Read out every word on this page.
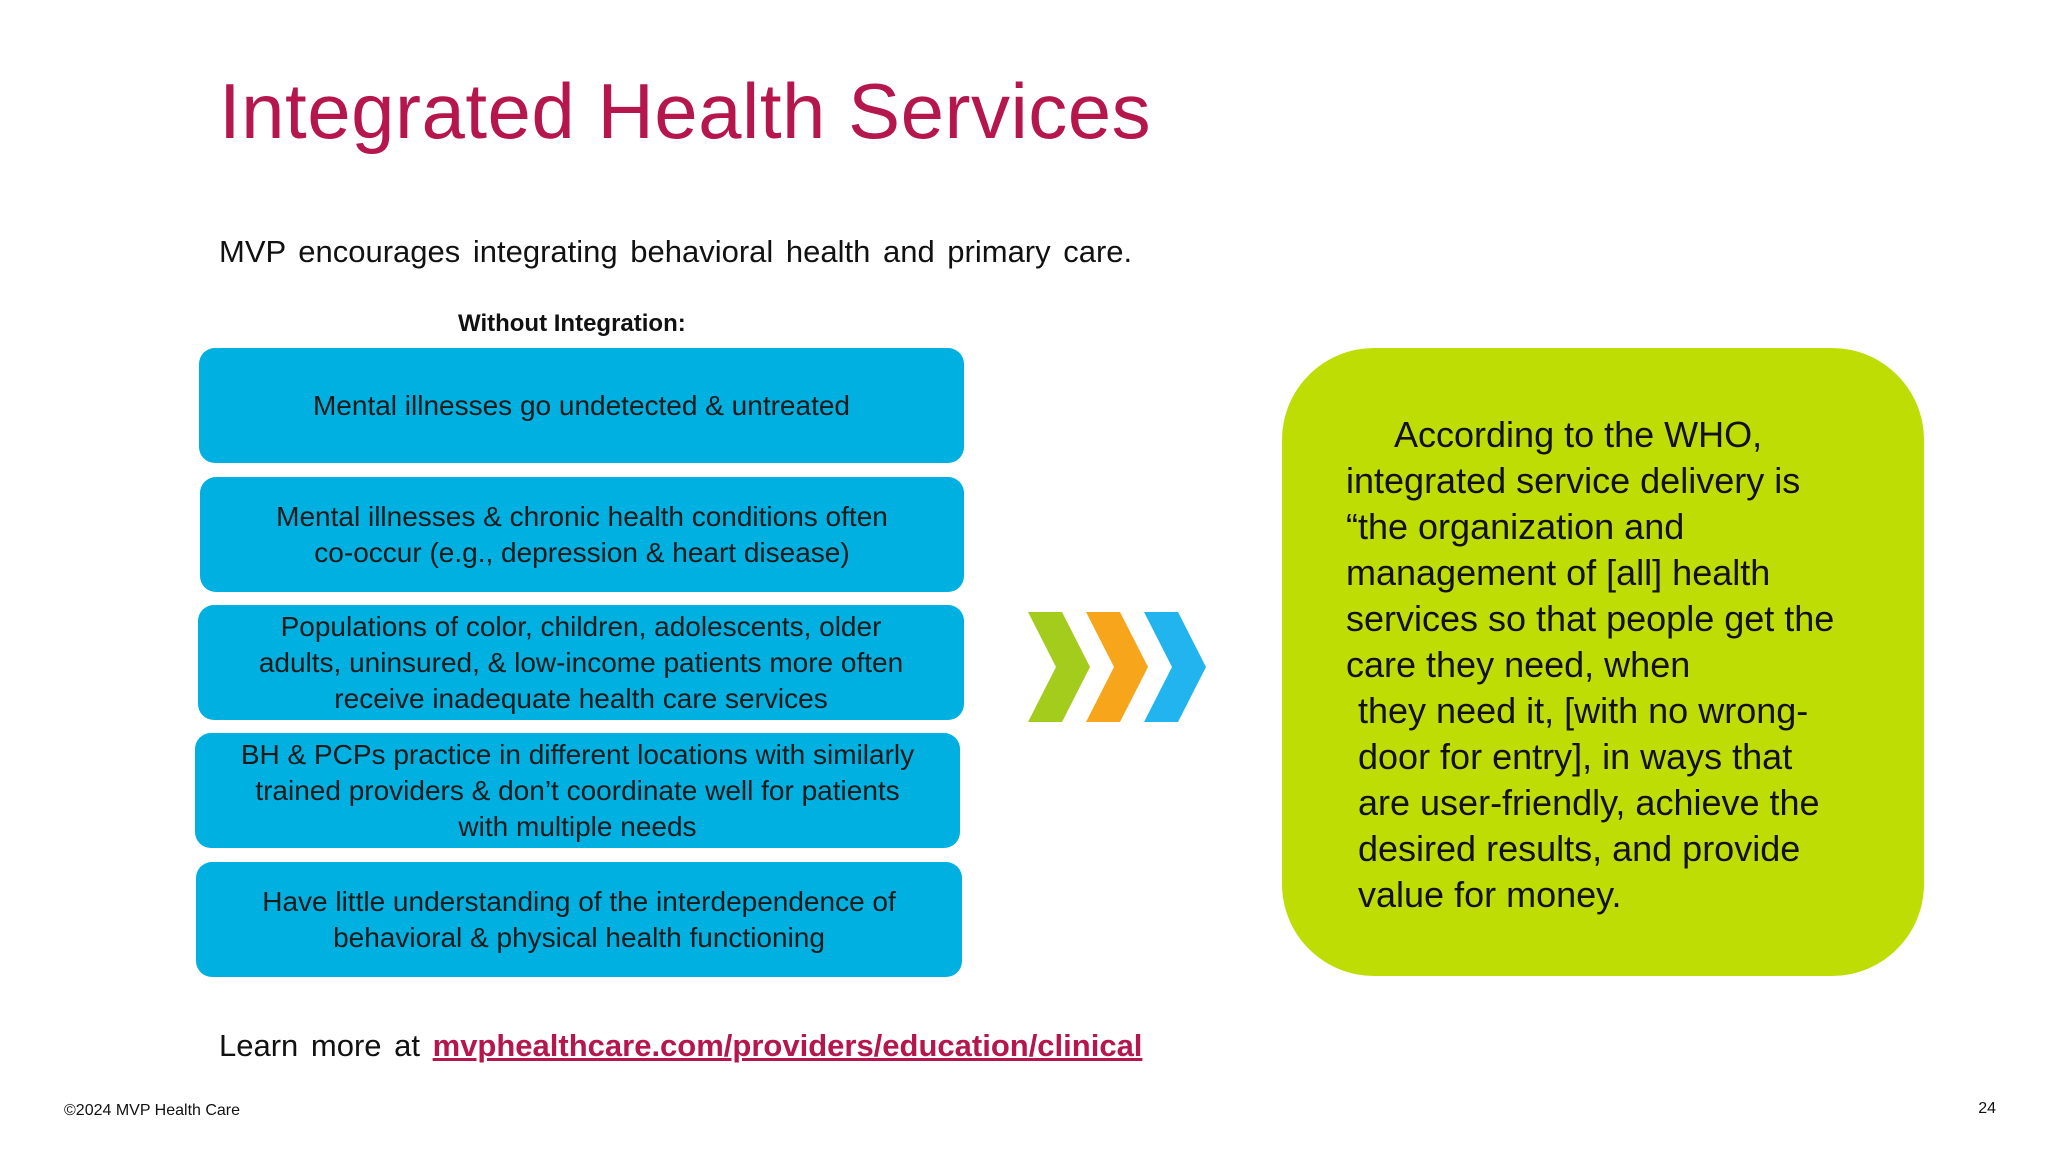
Integrated Health Services
MVP encourages integrating behavioral health and primary care.
Without Integration:
Mental illnesses go undetected & untreated
Mental illnesses & chronic health conditions often
co-occur (e.g., depression & heart disease)
Populations of color, children, adolescents, older
adults, uninsured, & low-income patients more often
receive inadequate health care services
BH & PCPs practice in different locations with similarly
trained providers & don’t coordinate well for patients
with multiple needs
Have little understanding of the interdependence of
behavioral & physical health functioning
According to the WHO,
integrated service delivery is
“the organization and
management of [all] health
services so that people get the
care they need, when
they need it, [with no wrong-
door for entry], in ways that
are user-friendly, achieve the
desired results, and provide
value for money.
Learn more at mvphealthcare.com/providers/education/clinical
©2024 MVP Health Care	24
